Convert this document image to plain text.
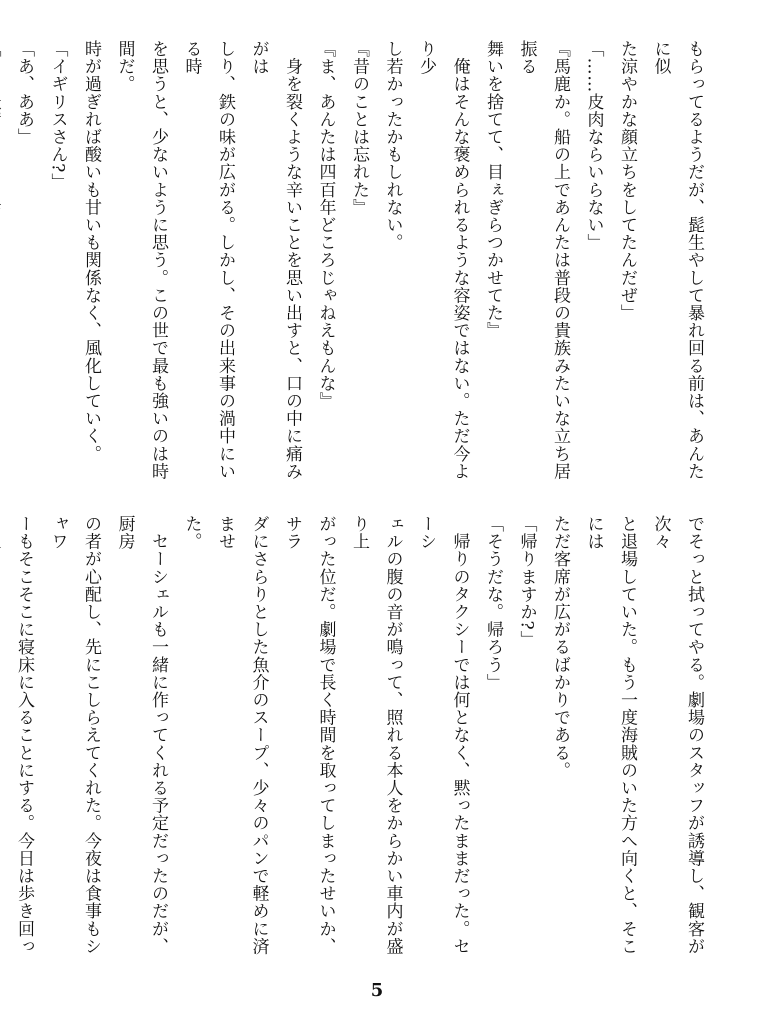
もらってるようだが、髭生やして暴れ回る前は、あんたに似
た涼やかな顔立ちをしてたんだぜ」
「……皮肉ならいらない」
『馬鹿か。船の上であんたは普段の貴族みたいな立ち居振る
舞いを捨てて、目ぇぎらつかせてた』
　俺はそんな褒められるような容姿ではない。ただ今より少
し若かったかもしれない。
『昔のことは忘れた』
『ま、あんたは四百年どころじゃねえもんな』
　身を裂くような辛いことを思い出すと、口の中に痛みがは
しり、鉄の味が広がる。しかし、その出来事の渦中にいる時
を思うと、少ないように思う。この世で最も強いのは時間だ。
時が過ぎれば酸いも甘いも関係なく、風化していく。
「イギリスさん?」
「あ、ああ」
でそっと拭ってやる。劇場のスタッフが誘導し、観客が次々
と退場していた。もう一度海賊のいた方へ向くと、そこには
ただ客席が広がるばかりである。
「帰りますか?」
「そうだな。帰ろう」
　帰りのタクシーでは何となく、黙ったままだった。セーシ
ェルの腹の音が鳴って、照れる本人をからかい車内が盛り上
がった位だ。劇場で長く時間を取ってしまったせいか、サラ
ダにさらりとした魚介のスープ、少々のパンで軽めに済ませ
た。
　セーシェルも一緒に作ってくれる予定だったのだが、厨房
の者が心配し、先にこしらえてくれた。今夜は食事もシャワ
ーもそこそこに寝床に入ることにする。今日は歩き回っ
5
